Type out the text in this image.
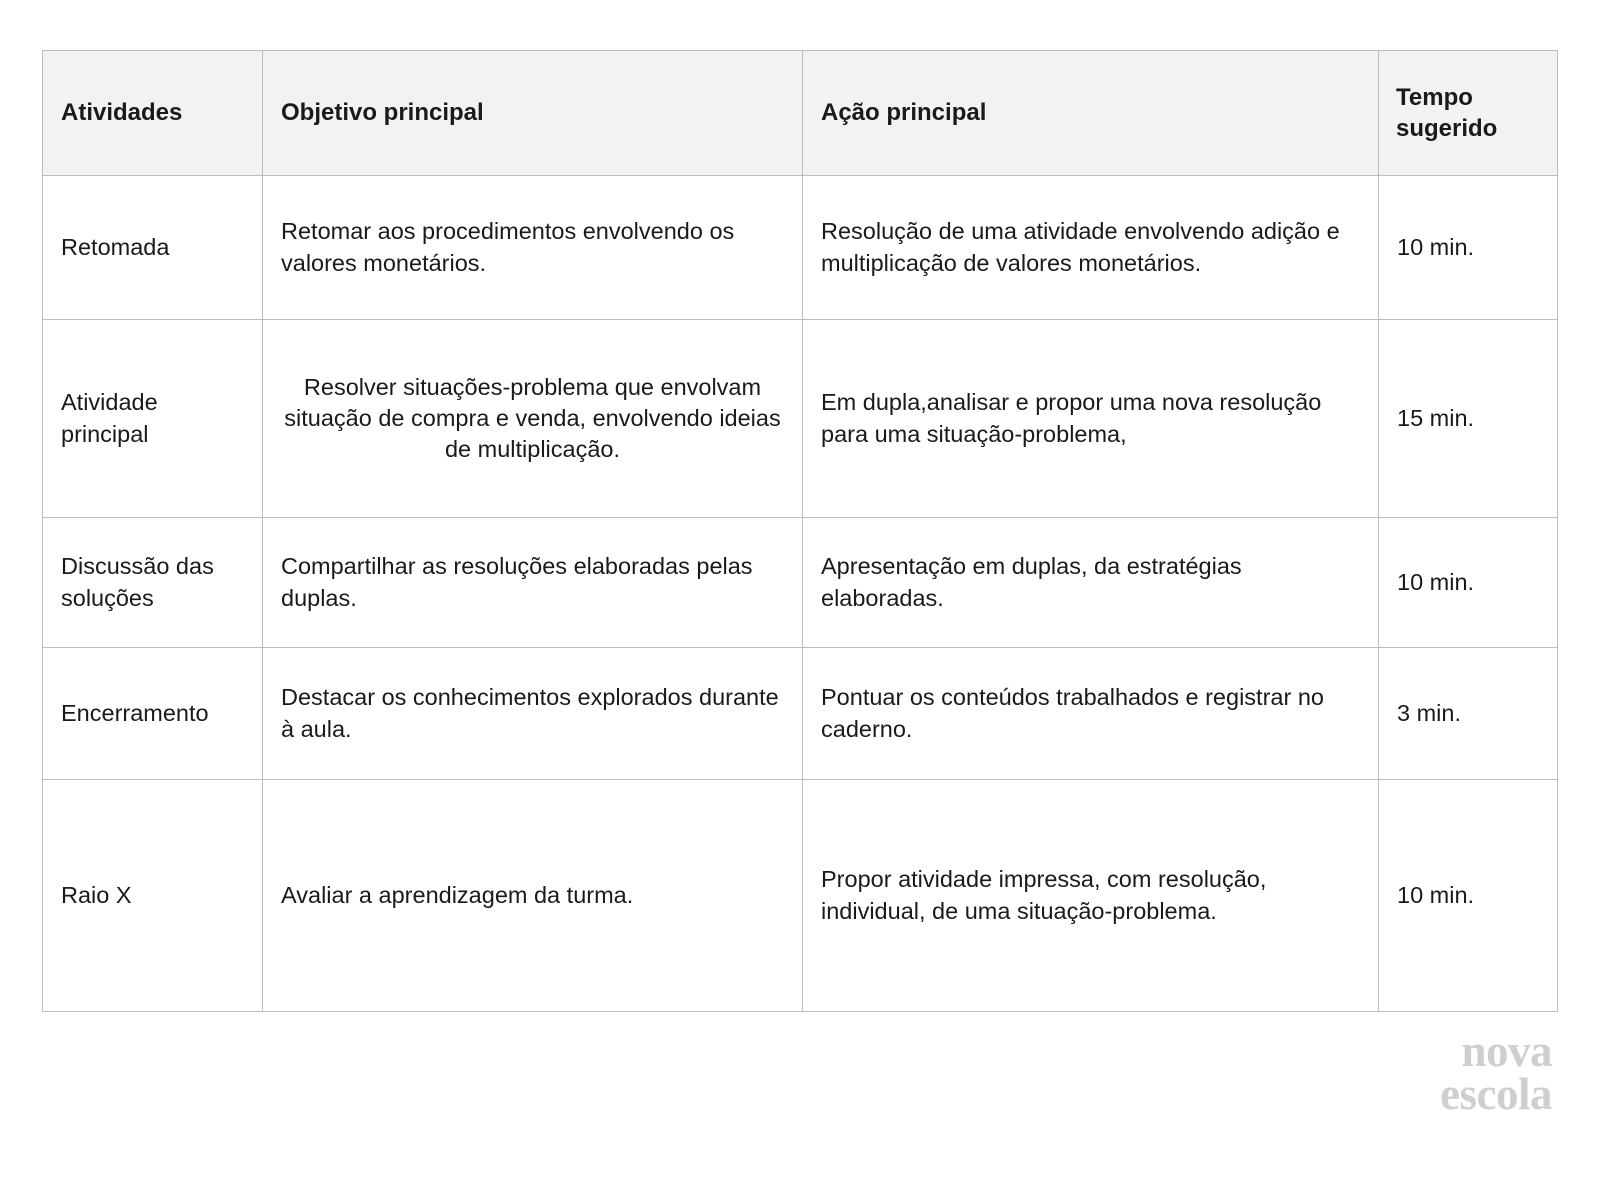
Atividades	Objetivo principal	Ação principal	Tempo sugerido
Retomada	Retomar aos procedimentos envolvendo os valores monetários.	Resolução de uma atividade envolvendo adição e multiplicação de valores monetários.	10 min.
Atividade principal	Resolver situações-problema que envolvam situação de compra e venda, envolvendo ideias de multiplicação.	Em dupla,analisar e propor uma nova resolução para uma situação-problema,	15 min.
Discussão das soluções	Compartilhar as resoluções elaboradas pelas duplas.	Apresentação em duplas, da estratégias elaboradas.	10 min.
Encerramento	Destacar os conhecimentos explorados durante à aula.	Pontuar os conteúdos trabalhados e registrar no caderno.	3 min.
Raio X	Avaliar a aprendizagem da turma.	Propor atividade impressa, com resolução, individual, de uma situação-problema.	10 min.
nova
escola
